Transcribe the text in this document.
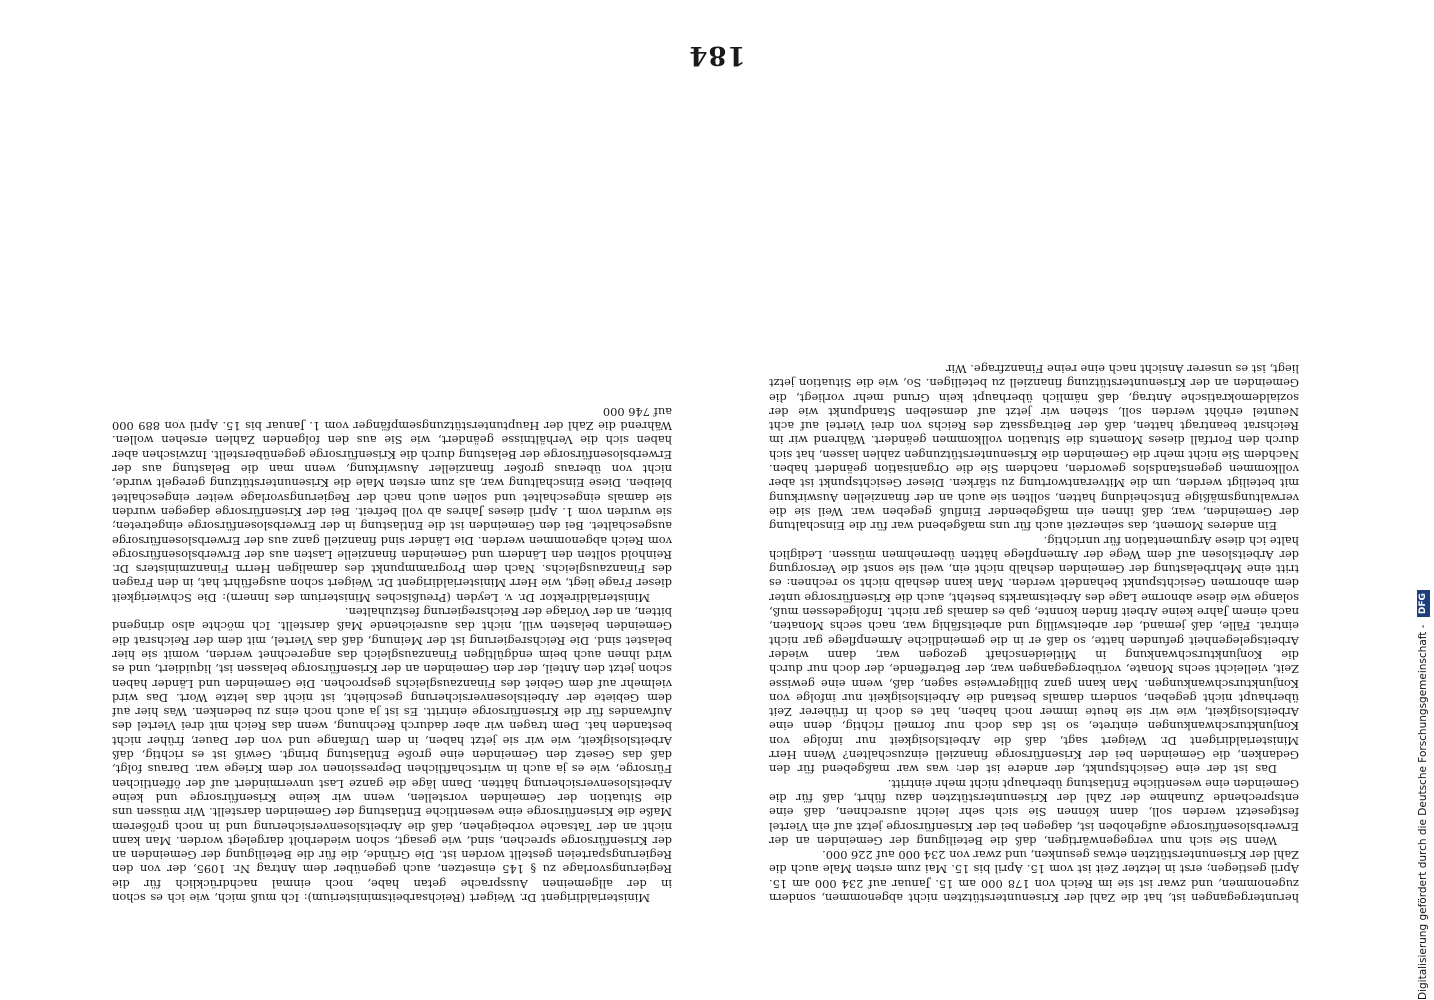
heruntergegangen ist, hat die Zahl der Krisenunterstützten nicht abgenommen, sondern zugenommen, und zwar ist sie im Reich von 178 000 am 15. Januar auf 234 000 am 15. April gestiegen; erst in letzter Zeit ist vom 15. April bis 15. Mai zum ersten Male auch die Zahl der Krisenunterstützten etwas gesunken, und zwar von 234 000 auf 226 000.

Wenn Sie sich nun vergegenwärtigen, daß die Beteiligung der Gemeinden an der Erwerbslosenfürsorge aufgehoben ist, dagegen bei der Krisenfürsorge jetzt auf ein Viertel festgesetzt werden soll, dann können Sie sich sehr leicht ausrechnen, daß eine entsprechende Zunahme der Zahl der Krisenunterstützten dazu führt, daß für die Gemeinden eine wesentliche Entlastung überhaupt nicht mehr eintritt.

Das ist der eine Gesichtspunkt, der andere ist der: was war maßgebend für den Gedanken, die Gemeinden bei der Krisenfürsorge finanziell einzuschalten? Wenn Herr Ministerialdirigent Dr. Weigert sagt, daß die Arbeitslosigkeit nur infolge von Konjunkturschwankungen eintrete, so ist das doch nur formell richtig, denn eine Arbeitslosigkeit, wie wir sie heute immer noch haben, hat es doch in früherer Zeit überhaupt nicht gegeben, sondern damals bestand die Arbeitslosigkeit nur infolge von Konjunkturschwankungen. Man kann ganz billigerweise sagen, daß, wenn eine gewisse Zeit, vielleicht sechs Monate, vorübergegangen war, der Betreffende, der doch nur durch die Konjunkturschwankung in Mitleidenschaft gezogen war, dann wieder Arbeitsgelegenheit gefunden hatte, so daß er in die gemeindliche Armenpflege gar nicht eintrat. Fälle, daß jemand, der arbeitswillig und arbeitsfähig war, nach sechs Monaten, nach einem Jahre keine Arbeit finden konnte, gab es damals gar nicht. Infolgedessen muß, solange wie diese abnorme Lage des Arbeitsmarkts besteht, auch die Krisenfürsorge unter dem abnormen Gesichtspunkt behandelt werden. Man kann deshalb nicht so rechnen: es tritt eine Mehrbelastung der Gemeinden deshalb nicht ein, weil sie sonst die Versorgung der Arbeitslosen auf dem Wege der Armenpflege hätten übernehmen müssen. Lediglich halte ich diese Argumentation für unrichtig.

Ein anderes Moment, das seinerzeit auch für uns maßgebend war für die Einschaltung der Gemeinden, war, daß ihnen ein maßgebender Einfluß gegeben war. Weil sie die verwaltungsmäßige Entscheidung hatten, sollten sie auch an der finanziellen Auswirkung mit beteiligt werden, um die Mitverantwortung zu stärken. Dieser Gesichtspunkt ist aber vollkommen gegenstandslos geworden, nachdem Sie die Organisation geändert haben. Nachdem Sie nicht mehr die Gemeinden die Krisenunterstützungen zahlen lassen, hat sich durch den Fortfall dieses Moments die Situation vollkommen geändert. Während wir im Reichsrat beantragt hatten, daß der Beitragssatz des Reichs von drei Viertel auf acht Neuntel erhöht werden soll, stehen wir jetzt auf demselben Standpunkt wie der sozialdemokratische Antrag, daß nämlich überhaupt kein Grund mehr vorliegt, die Gemeinden an der Krisenunterstützung finanziell zu beteiligen. So, wie die Situation jetzt liegt, ist es unserer Ansicht nach eine reine Finanzfrage. Wir

Ministerialdirigent Dr. Weigert (Reichsarbeitsministerium): Ich muß mich, wie ich es schon in der allgemeinen Aussprache getan habe, noch einmal nachdrücklich für die Regierungsvorlage zu § 145 einsetzen, auch gegenüber dem Antrag Nr. 1095, der von den Regierungsparteien gestellt worden ist. Die Gründe, die für die Beteiligung der Gemeinden an der Krisenfürsorge sprechen, sind, wie gesagt, schon wiederholt dargelegt worden. Man kann nicht an der Tatsache vorbeigehen, daß die Arbeitslosenversicherung und in noch größerem Maße die Krisenfürsorge eine wesentliche Entlastung der Gemeinden darstellt. Wir müssen uns die Situation der Gemeinden vorstellen, wenn wir keine Krisenfürsorge und keine Arbeitslosenversicherung hätten. Dann läge die ganze Last unvermindert auf der öffentlichen Fürsorge, wie es ja auch in wirtschaftlichen Depressionen vor dem Kriege war. Daraus folgt, daß das Gesetz den Gemeinden eine große Entlastung bringt. Gewiß ist es richtig, daß Arbeitslosigkeit, wie wir sie jetzt haben, in dem Umfange und von der Dauer, früher nicht bestanden hat. Dem tragen wir aber dadurch Rechnung, wenn das Reich mit drei Viertel des Aufwandes für die Krisenfürsorge eintritt. Es ist ja auch noch eins zu bedenken. Was hier auf dem Gebiete der Arbeitslosenversicherung geschieht, ist nicht das letzte Wort. Das wird vielmehr auf dem Gebiet des Finanzausgleichs gesprochen. Die Gemeinden und Länder haben schon jetzt den Anteil, der den Gemeinden an der Krisenfürsorge belassen ist, liquidiert, und es wird ihnen auch beim endgültigen Finanzausgleich das angerechnet werden, womit sie hier belastet sind. Die Reichsregierung ist der Meinung, daß das Viertel, mit dem der Reichsrat die Gemeinden belasten will, nicht das ausreichende Maß darstellt. Ich möchte also dringend bitten, an der Vorlage der Reichsregierung festzuhalten.

Ministerialdirektor Dr. v. Leyden (Preußisches Ministerium des Innern): Die Schwierigkeit dieser Frage liegt, wie Herr Ministerialdirigent Dr. Weigert schon ausgeführt hat, in den Fragen des Finanzausgleichs. Nach dem Programmpunkt des damaligen Herrn Finanzministers Dr. Reinhold sollten den Ländern und Gemeinden finanzielle Lasten aus der Erwerbslosenfürsorge vom Reich abgenommen werden. Die Länder sind finanziell ganz aus der Erwerbslosenfürsorge ausgeschaltet. Bei den Gemeinden ist die Entlastung in der Erwerbslosenfürsorge eingetreten; sie wurden vom 1. April dieses Jahres ab voll befreit. Bei der Krisenfürsorge dagegen wurden sie damals eingeschaltet und sollen auch nach der Regierungsvorlage weiter eingeschaltet bleiben. Diese Einschaltung war, als zum ersten Male die Krisenunterstützung geregelt wurde, nicht von überaus großer finanzieller Auswirkung, wenn man die Belastung aus der Erwerbslosenfürsorge der Belastung durch die Krisenfürsorge gegenüberstellt. Inzwischen aber haben sich die Verhältnisse geändert, wie Sie aus den folgenden Zahlen ersehen wollen. Während die Zahl der Hauptunterstützungsempfänger vom 1. Januar bis 15. April von 889 000 auf 746 000

184
Digitalisierung gefördert durch die Deutsche Forschungsgemeinschaft - DFG
